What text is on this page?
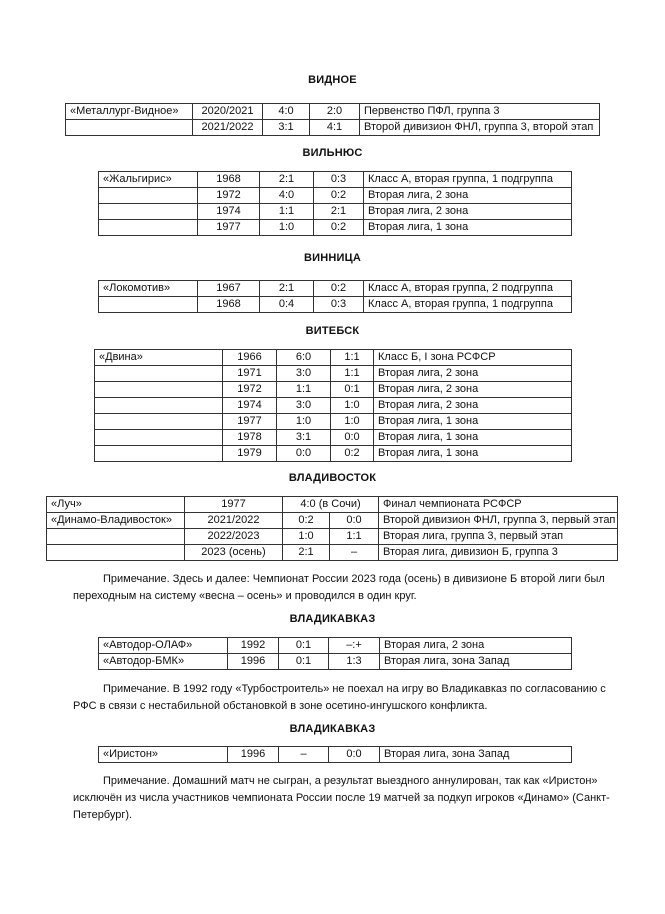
ВИДНОЕ
«Металлург-Видное»	2020/2021	4:0	2:0	Первенство ПФЛ, группа 3
	2021/2022	3:1	4:1	Второй дивизион ФНЛ, группа 3, второй этап
ВИЛЬНЮС
«Жальгирис»	1968	2:1	0:3	Класс А, вторая группа, 1 подгруппа
	1972	4:0	0:2	Вторая лига, 2 зона
	1974	1:1	2:1	Вторая лига, 2 зона
	1977	1:0	0:2	Вторая лига, 1 зона
ВИННИЦА
«Локомотив»	1967	2:1	0:2	Класс А, вторая группа, 2 подгруппа
	1968	0:4	0:3	Класс А, вторая группа, 1 подгруппа
ВИТЕБСК
«Двина»	1966	6:0	1:1	Класс Б, I зона РСФСР
	1971	3:0	1:1	Вторая лига, 2 зона
	1972	1:1	0:1	Вторая лига, 2 зона
	1974	3:0	1:0	Вторая лига, 2 зона
	1977	1:0	1:0	Вторая лига, 1 зона
	1978	3:1	0:0	Вторая лига, 1 зона
	1979	0:0	0:2	Вторая лига, 1 зона
ВЛАДИВОСТОК
«Луч»	1977	4:0 (в Сочи)		Финал чемпионата РСФСР
«Динамо-Владивосток»	2021/2022	0:2	0:0	Второй дивизион ФНЛ, группа 3, первый этап
	2022/2023	1:0	1:1	Вторая лига, группа 3, первый этап
	2023 (осень)	2:1	–	Вторая лига, дивизион Б, группа 3
Примечание. Здесь и далее: Чемпионат России 2023 года (осень) в дивизионе Б второй лиги был переходным на систему «весна – осень» и проводился в один круг.
ВЛАДИКАВКАЗ
«Автодор-ОЛАФ»	1992	0:1	–:+	Вторая лига, 2 зона
«Автодор-БМК»	1996	0:1	1:3	Вторая лига, зона Запад
Примечание. В 1992 году «Турбостроитель» не поехал на игру во Владикавказ по согласованию с РФС в связи с нестабильной обстановкой в зоне осетино-ингушского конфликта.
ВЛАДИКАВКАЗ
«Иристон»	1996	–	0:0	Вторая лига, зона Запад
Примечание. Домашний матч не сыгран, а результат выездного аннулирован, так как «Иристон» исключён из числа участников чемпионата России после 19 матчей за подкуп игроков «Динамо» (Санкт-Петербург).
